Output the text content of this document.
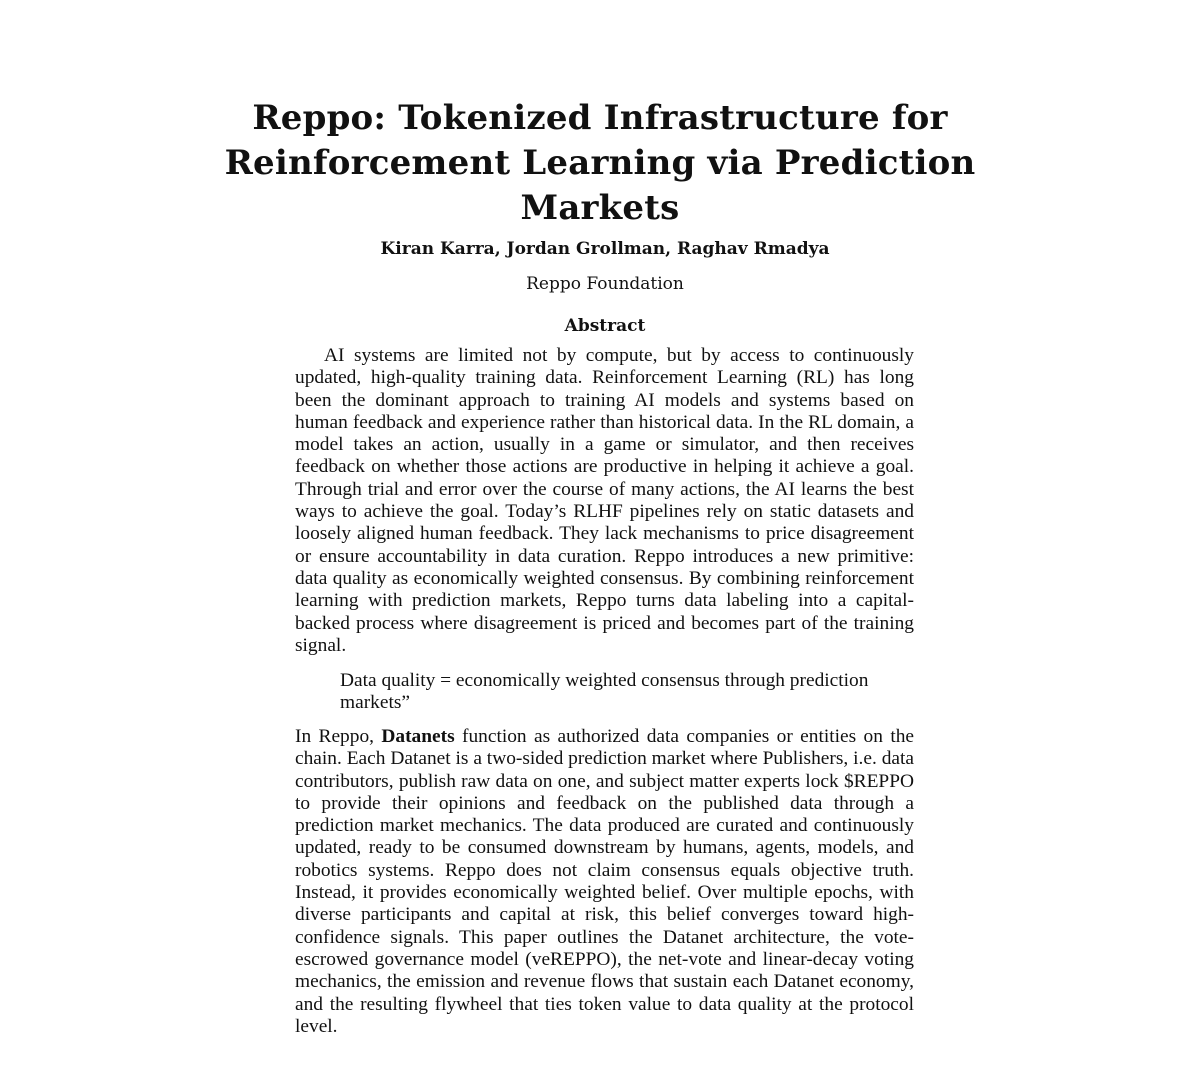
Reppo: Tokenized Infrastructure for Reinforcement Learning via Prediction Markets
Kiran Karra, Jordan Grollman, Raghav Rmadya
Reppo Foundation
Abstract

AI systems are limited not by compute, but by access to continuously updated, high-quality training data. Reinforcement Learning (RL) has long been the dominant approach to training AI models and systems based on human feedback and experience rather than historical data. In the RL domain, a model takes an action, usually in a game or simulator, and then receives feedback on whether those actions are productive in helping it achieve a goal. Through trial and error over the course of many actions, the AI learns the best ways to achieve the goal. Today’s RLHF pipelines rely on static datasets and loosely aligned human feedback. They lack mechanisms to price disagreement or ensure accountability in data curation. Reppo introduces a new primitive: data quality as economically weighted consensus. By combining reinforcement learning with prediction markets, Reppo turns data labeling into a capital-backed process where disagreement is priced and becomes part of the training signal.

Data quality = economically weighted consensus through prediction markets”

In Reppo, Datanets function as authorized data companies or entities on the chain. Each Datanet is a two-sided prediction market where Publishers, i.e. data contributors, publish raw data on one, and subject matter experts lock $REPPO to provide their opinions and feedback on the published data through a prediction market mechanics. The data produced are curated and continuously updated, ready to be consumed downstream by humans, agents, models, and robotics systems. Reppo does not claim consensus equals objective truth. Instead, it provides economically weighted belief. Over multiple epochs, with diverse participants and capital at risk, this belief converges toward high-confidence signals. This paper outlines the Datanet architecture, the vote-escrowed governance model (veREPPO), the net-vote and linear-decay voting mechanics, the emission and revenue flows that sustain each Datanet economy, and the resulting flywheel that ties token value to data quality at the protocol level.
